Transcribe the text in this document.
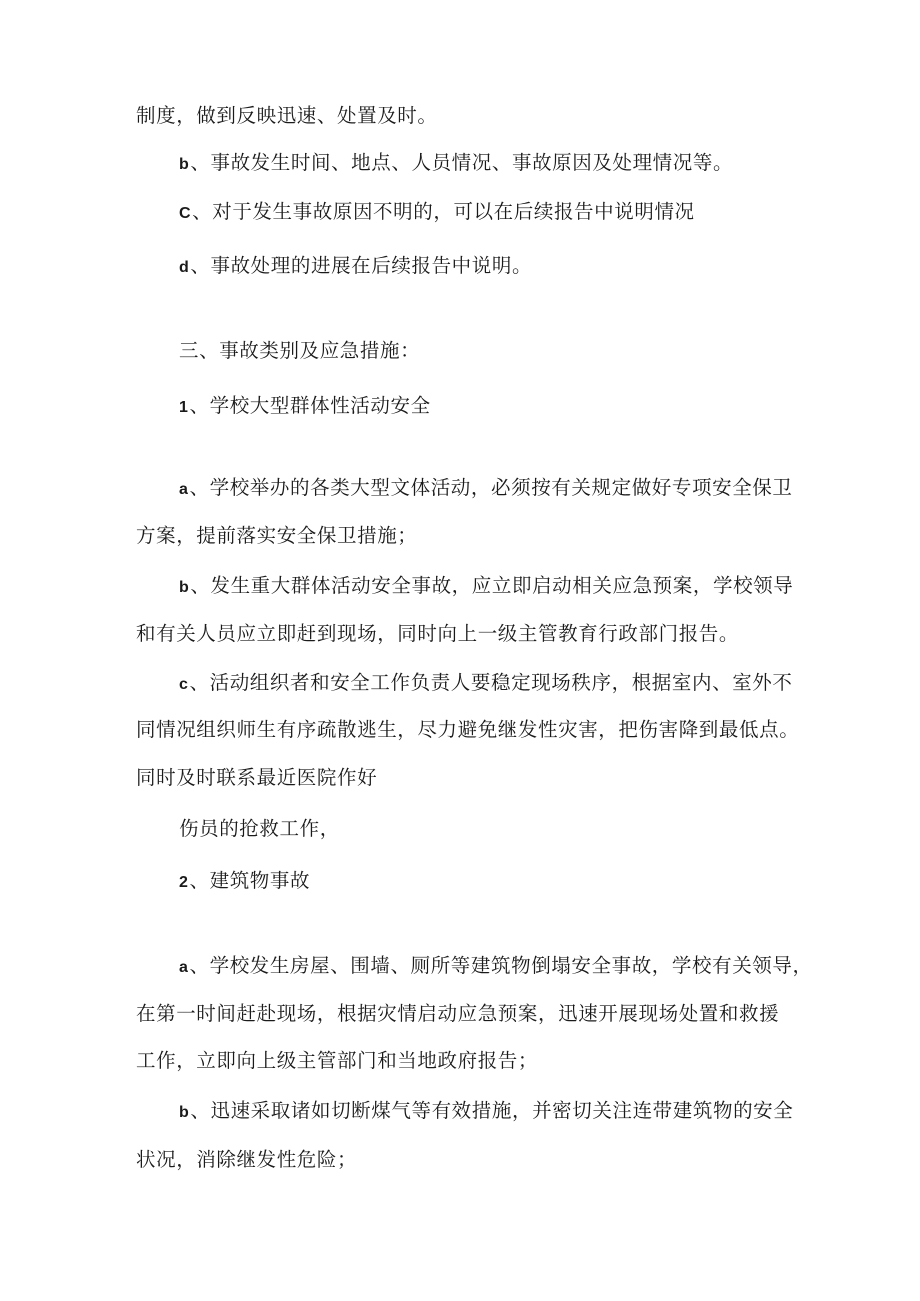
制度，做到反映迅速、处置及时。
b、事故发生时间、地点、人员情况、事故原因及处理情况等。
C、对于发生事故原因不明的，可以在后续报告中说明情况
d、事故处理的进展在后续报告中说明。
三、事故类别及应急措施：
1、学校大型群体性活动安全
a、学校举办的各类大型文体活动，必须按有关规定做好专项安全保卫
方案，提前落实安全保卫措施；
b、发生重大群体活动安全事故，应立即启动相关应急预案，学校领导
和有关人员应立即赶到现场，同时向上一级主管教育行政部门报告。
c、活动组织者和安全工作负责人要稳定现场秩序，根据室内、室外不
同情况组织师生有序疏散逃生，尽力避免继发性灾害，把伤害降到最低点。
同时及时联系最近医院作好
伤员的抢救工作，
2、建筑物事故
a、学校发生房屋、围墙、厕所等建筑物倒塌安全事故，学校有关领导，
在第一时间赶赴现场，根据灾情启动应急预案，迅速开展现场处置和救援
工作，立即向上级主管部门和当地政府报告；
b、迅速采取诸如切断煤气等有效措施，并密切关注连带建筑物的安全
状况，消除继发性危险；
